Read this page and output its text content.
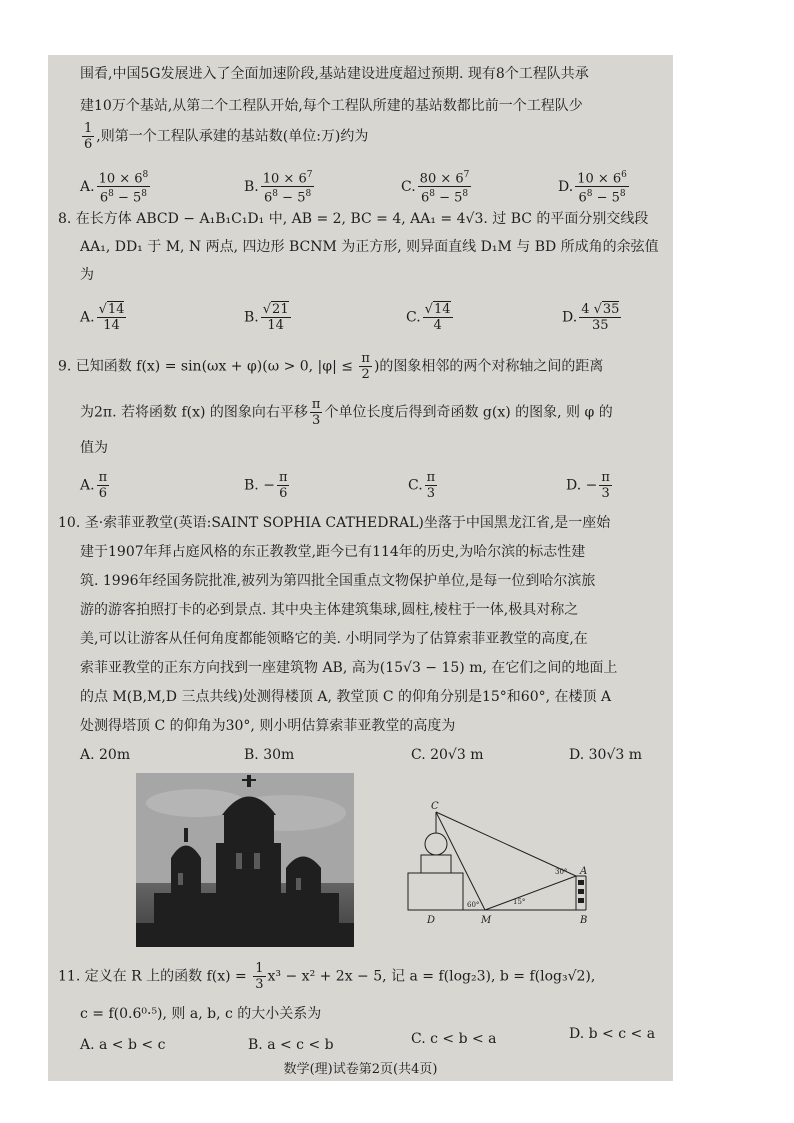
围看,中国5G发展进入了全面加速阶段,基站建设进度超过预期. 现有8个工程队共承
建10万个基站,从第二个工程队开始,每个工程队所建的基站数都比前一个工程队少
$\frac{1}{6}$ ,则第一个工程队承建的基站数(单位:万)约为
A. $\frac{10 \times 6^8}{6^8 - 5^8}$	B. $\frac{10 \times 6^7}{6^8 - 5^8}$	C. $\frac{80 \times 6^7}{6^8 - 5^8}$	D. $\frac{10 \times 6^6}{6^8 - 5^8}$
8. 在长方体 ABCD − A₁B₁C₁D₁ 中, AB = 2, BC = 4, AA₁ = 4√3. 过 BC 的平面分别交线段
AA₁, DD₁ 于 M, N 两点, 四边形 BCNM 为正方形, 则异面直线 D₁M 与 BD 所成角的余弦值
为
A. $\frac{√14}{14}$	B. $\frac{√21}{14}$	C. $\frac{√14}{4}$	D. $\frac{4 √35}{35}$
9. 已知函数 f(x) = sin(ωx + φ)(ω > 0, $|\varphi| \le \frac{\pi}{2}$ )的图象相邻的两个对称轴之间的距离
为2π. 若将函数 f(x) 的图象向右平移 $\frac{\pi}{3}$ 个单位长度后得到奇函数 g(x) 的图象, 则 φ 的
值为
A. $\frac{\pi}{6}$	B. − $\frac{\pi}{6}$	C. $\frac{\pi}{3}$	D. − $\frac{\pi}{3}$
10. 圣·索菲亚教堂(英语:SAINT SOPHIA CATHEDRAL)坐落于中国黑龙江省,是一座始
建于1907年拜占庭风格的东正教教堂,距今已有114年的历史,为哈尔滨的标志性建
筑. 1996年经国务院批准,被列为第四批全国重点文物保护单位,是每一位到哈尔滨旅
游的游客拍照打卡的必到景点. 其中央主体建筑集球,圆柱,棱柱于一体,极具对称之
美,可以让游客从任何角度都能领略它的美. 小明同学为了估算索菲亚教堂的高度,在
索菲亚教堂的正东方向找到一座建筑物 AB, 高为(15√3 − 15) m, 在它们之间的地面上
的点 M(B,M,D 三点共线)处测得楼顶 A, 教堂顶 C 的仰角分别是15°和60°, 在楼顶 A
处测得塔顶 C 的仰角为30°, 则小明估算索菲亚教堂的高度为
A. 20m	B. 30m	C. 20√3 m	D. 30√3 m
C
A
B
D	M
60°	15°
30°
11. 定义在 R 上的函数 $f(x) = \frac{1}{3} x^3 - x^2 + 2x - 5$, 记 a = f(log₂3), b = f(log₃√2),
c = f(0.6⁰·⁵), 则 a, b, c 的大小关系为
A. a < b < c	B. a < c < b	C. c < b < a	D. b < c < a
数学(理)试卷第2页(共4页)
